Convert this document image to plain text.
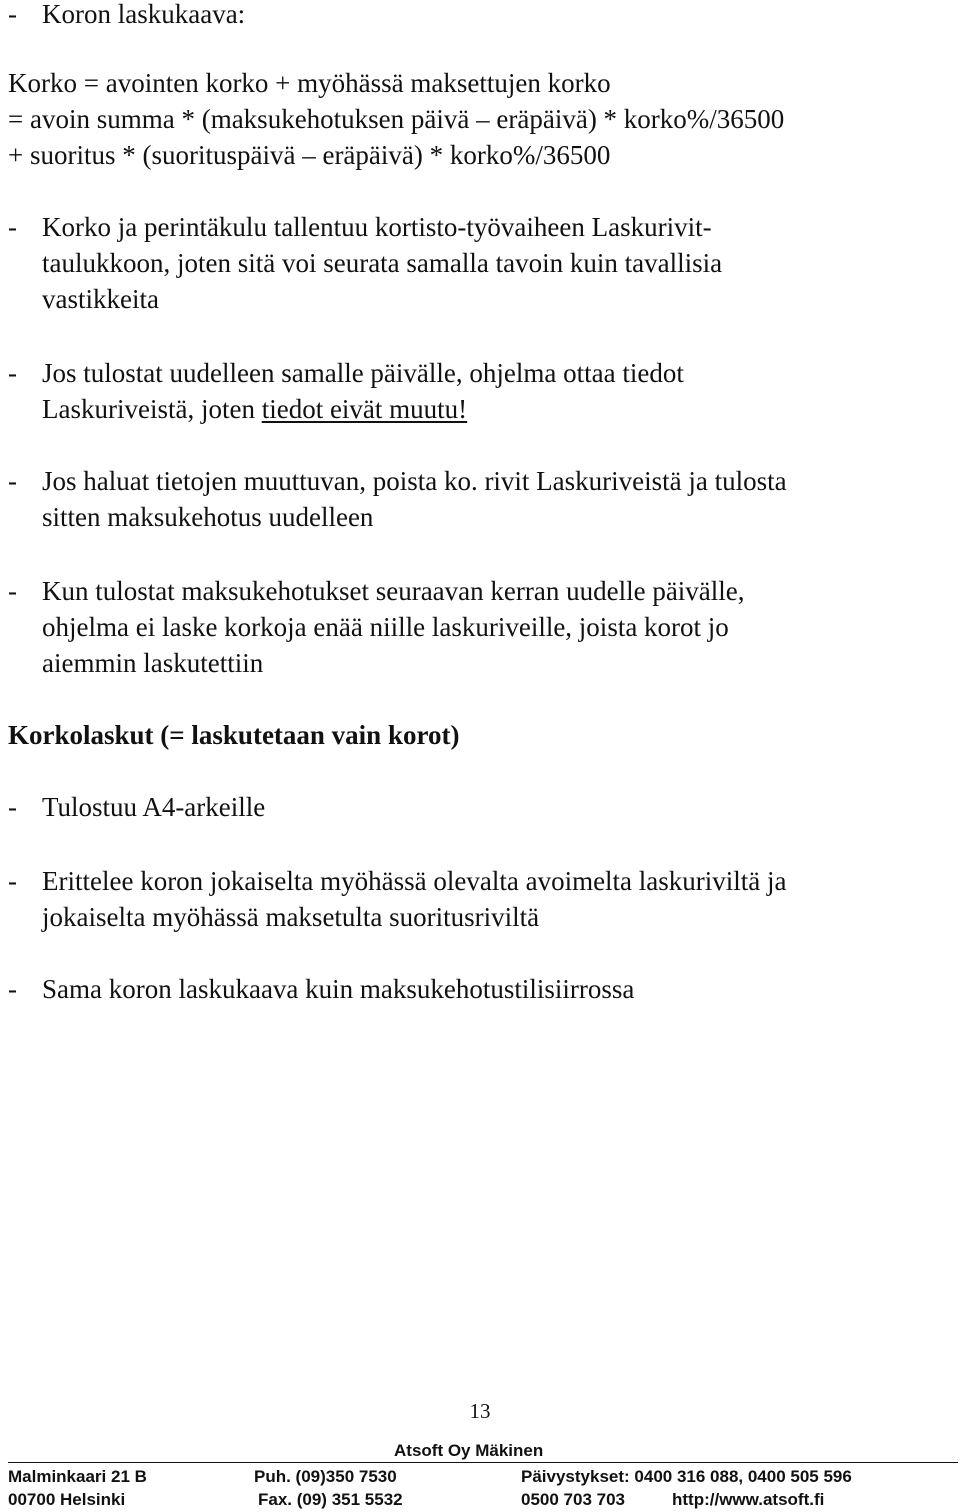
- Koron laskukaava:
Korko = avointen korko + myöhässä maksettujen korko
= avoin summa * (maksukehotuksen päivä – eräpäivä) * korko%/36500
+ suoritus * (suorituspäivä – eräpäivä) * korko%/36500
- Korko ja perintäkulu tallentuu kortisto-työvaiheen Laskurivit-
taulukkoon, joten sitä voi seurata samalla tavoin kuin tavallisia
vastikkeita
- Jos tulostat uudelleen samalle päivälle, ohjelma ottaa tiedot
Laskuriveistä, joten tiedot eivät muutu!
- Jos haluat tietojen muuttuvan, poista ko. rivit Laskuriveistä ja tulosta
sitten maksukehotus uudelleen
- Kun tulostat maksukehotukset seuraavan kerran uudelle päivälle,
ohjelma ei laske korkoja enää niille laskuriveille, joista korot jo
aiemmin laskutettiin
Korkolaskut (= laskutetaan vain korot)
- Tulostuu A4-arkeille
- Erittelee koron jokaiselta myöhässä olevalta avoimelta laskuriviltä ja
jokaiselta myöhässä maksetulta suoritusriviltä
- Sama koron laskukaava kuin maksukehotustilisiirrossa
13
Atsoft Oy Mäkinen
Malminkaari 21 B	Puh. (09)350 7530	Päivystykset: 0400 316 088, 0400 505 596
00700 Helsinki	Fax. (09) 351 5532	0500 703 703	http://www.atsoft.fi
